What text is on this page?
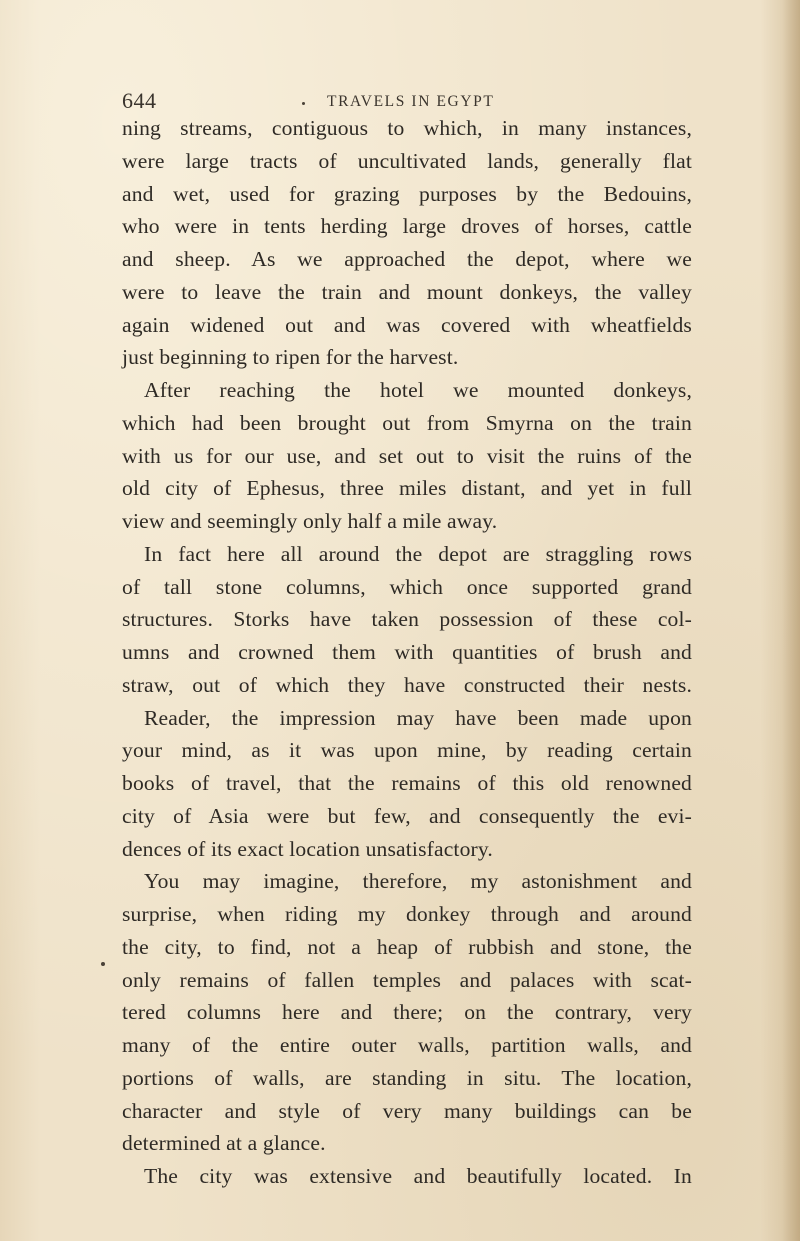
644	TRAVELS IN EGYPT
ning streams, contiguous to which, in many instances,
were large tracts of uncultivated lands, generally flat
and wet, used for grazing purposes by the Bedouins,
who were in tents herding large droves of horses, cattle
and sheep. As we approached the depot, where we
were to leave the train and mount donkeys, the valley
again widened out and was covered with wheatfields
just beginning to ripen for the harvest.
After reaching the hotel we mounted donkeys,
which had been brought out from Smyrna on the train
with us for our use, and set out to visit the ruins of the
old city of Ephesus, three miles distant, and yet in full
view and seemingly only half a mile away.
In fact here all around the depot are straggling rows
of tall stone columns, which once supported grand
structures. Storks have taken possession of these col-
umns and crowned them with quantities of brush and
straw, out of which they have constructed their nests.
Reader, the impression may have been made upon
your mind, as it was upon mine, by reading certain
books of travel, that the remains of this old renowned
city of Asia were but few, and consequently the evi-
dences of its exact location unsatisfactory.
You may imagine, therefore, my astonishment and
surprise, when riding my donkey through and around
the city, to find, not a heap of rubbish and stone, the
only remains of fallen temples and palaces with scat-
tered columns here and there; on the contrary, very
many of the entire outer walls, partition walls, and
portions of walls, are standing in situ. The location,
character and style of very many buildings can be
determined at a glance.
The city was extensive and beautifully located. In
